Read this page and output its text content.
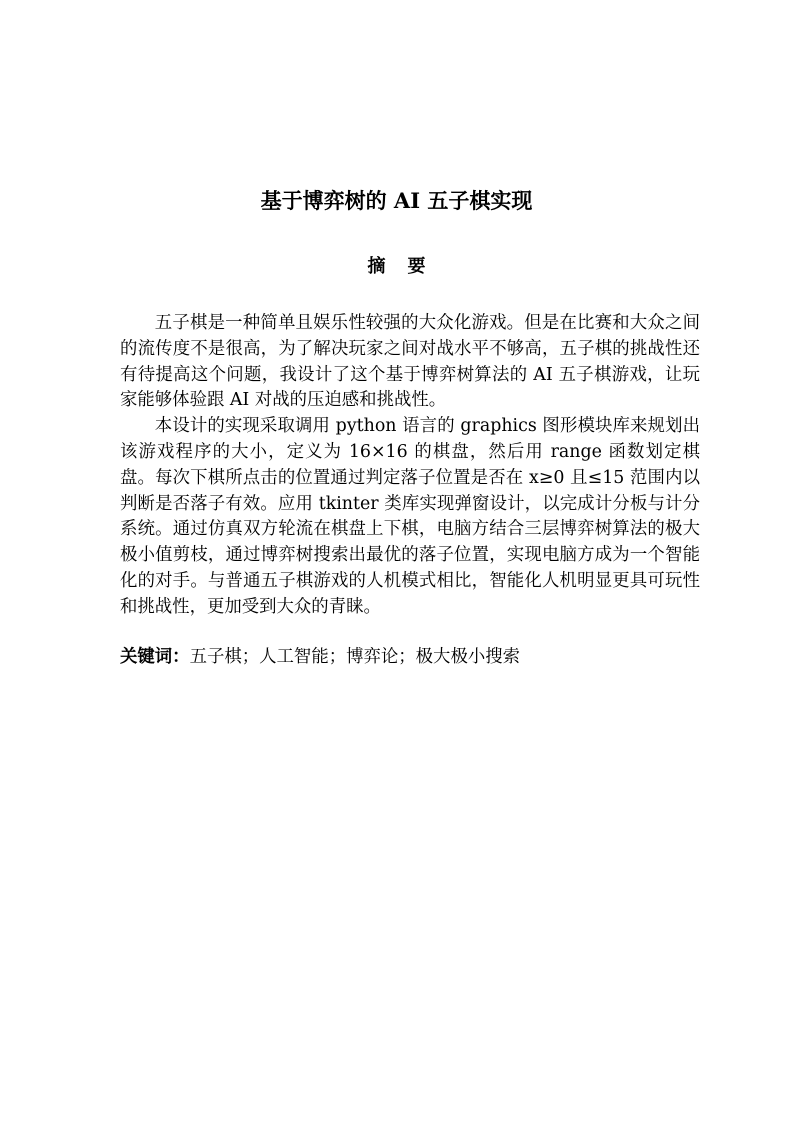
基于博弈树的 AI 五子棋实现
摘要

五子棋是一种简单且娱乐性较强的大众化游戏。但是在比赛和大众之间的流传度不是很高，为了解决玩家之间对战水平不够高，五子棋的挑战性还有待提高这个问题，我设计了这个基于博弈树算法的 AI 五子棋游戏，让玩家能够体验跟 AI 对战的压迫感和挑战性。

本设计的实现采取调用 python 语言的 graphics 图形模块库来规划出该游戏程序的大小，定义为 16×16 的棋盘，然后用 range 函数划定棋盘。每次下棋所点击的位置通过判定落子位置是否在 x≥0 且≤15 范围内以判断是否落子有效。应用 tkinter 类库实现弹窗设计，以完成计分板与计分系统。通过仿真双方轮流在棋盘上下棋，电脑方结合三层博弈树算法的极大极小值剪枝，通过博弈树搜索出最优的落子位置，实现电脑方成为一个智能化的对手。与普通五子棋游戏的人机模式相比，智能化人机明显更具可玩性和挑战性，更加受到大众的青睐。

关键词：五子棋；人工智能；博弈论；极大极小搜索
